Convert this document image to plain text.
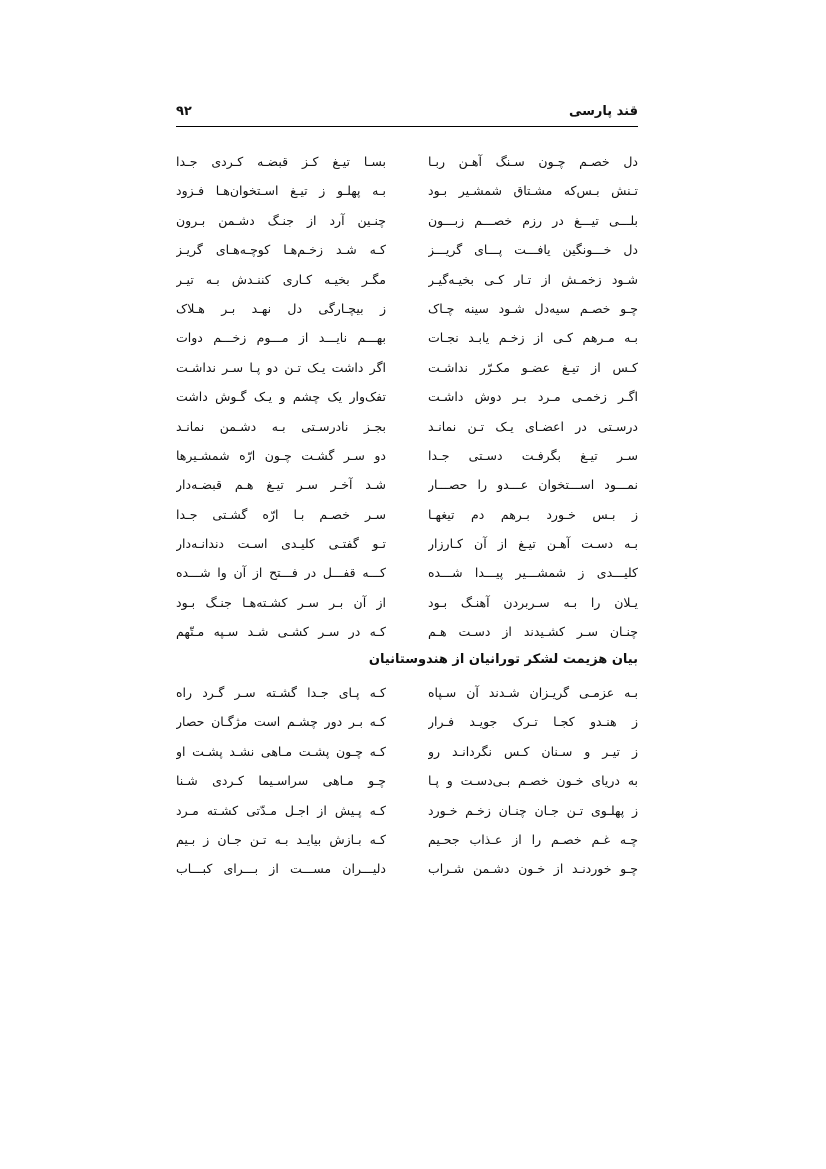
قند پارسی
۹۲
دل خصـم چـون سـنگ آهـن ربـا
بسـا تیـغ کـز قبضـه کـردی جـدا
تـنش بـس‌که مشـتاق شمشـیر بـود
بـه پهلـو ز تیـغ اسـتخوان‌هـا فـزود
بلـــی تیـــغ در رزم خصـــم زبـــون
چنـین آرد از جنـگ دشـمن بـرون
دل خـــونگین یافـــت پـــای گریـــز
کـه شـد زخـم‌هـا کوچـه‌هـای گریـز
شـود زخمـش از تـار کـی بخیـه‌گیـر
مگـر بخیـه کـاری کننـدش بـه تیـر
چـو خصـم سیه‌دل شـود سینه چـاک
ز بیچـارگی دل نهـد بـر هـلاک
بـه مـرهم کـی از زخـم یابـد نجـات
بهـــم نایـــد از مـــوم زخـــم دوات
کـس از تیـغ عضـو مکـرّر نداشـت
اگر داشت یـک تـن دو پـا سـر نداشـت
اگـر زخمـی مـرد بـر دوش داشـت
تفک‌وار یک چشم و یـک گـوش داشت
درسـتی در اعضـای یـک تـن نمانـد
بجـز نادرسـتی بـه دشـمن نمانـد
سـر تیـغ بگرفـت دسـتی جـدا
دو سـر گشـت چـون ارّه شمشـیرها
نمـــود اســـتخوان عـــدو را حصـــار
شـد آخـر سـر تیـغ هـم قبضـه‌دار
ز بـس خـورد بـرهم دم تیغهـا
سـر خصـم بـا ارّه گشـتی جـدا
بـه دسـت آهـن تیـغ از آن کـارزار
تـو گفتـی کلیـدی اسـت دندانـه‌دار
کلیـــدی ز شمشـــیر پیـــدا شـــده
کـــه قفـــل در فـــتح از آن وا شـــده
یـلان را بـه سـربردن آهنـگ بـود
از آن بـر سـر کشـته‌هـا جنـگ بـود
چنـان سـر کشـیدند از دسـت هـم
کـه در سـر کشـی شـد سـپه مـتّهم
بیان هزیمت لشکر تورانیان از هندوستانیان
بـه عزمـی گریـزان شـدند آن سـپاه
کـه پـای جـدا گشـته سـر گـرد راه
ز هنـدو کجـا تـرک جویـد فـرار
کـه بـر دور چشـم است مژگـان حصار
ز تیـر و سـنان کـس نگردانـد رو
کـه چـون پشـت مـاهی نشـد پشـت او
به دریای خـون خصـم بـی‌دسـت و پـا
چـو مـاهی سراسـیما کـردی شـنا
ز پهلـوی تـن جـان چنـان زخـم خـورد
کـه پـیش از اجـل مـدّتی کشـته مـرد
چـه غـم خصـم را از عـذاب جحـیم
کـه بـازش بیایـد بـه تـن جـان ز بـیم
چـو خوردنـد از خـون دشـمن شـراب
دلیـــران مســـت از بـــرای کبـــاب
